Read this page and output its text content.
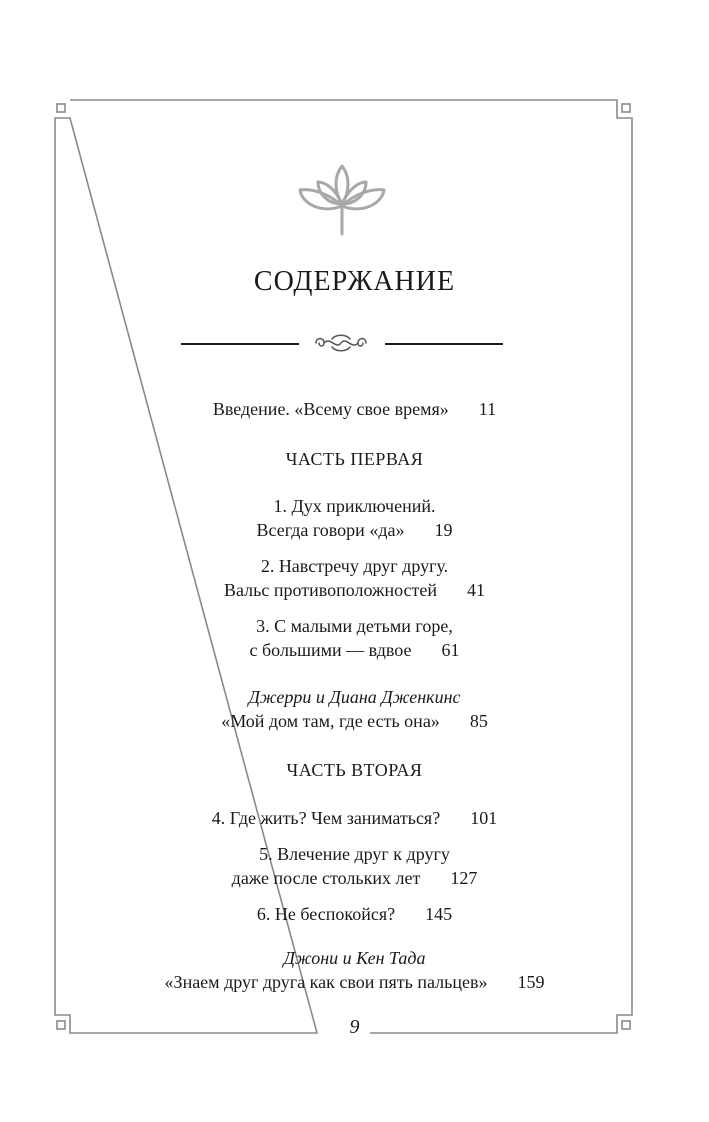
СОДЕРЖАНИЕ
Введение. «Всему свое время» 11
ЧАСТЬ ПЕРВАЯ
1. Дух приключений.
Всегда говори «да» 19
2. Навстречу друг другу.
Вальс противоположностей 41
3. С малыми детьми горе,
с большими — вдвое 61
Джерри и Диана Дженкинс
«Мой дом там, где есть она» 85
ЧАСТЬ ВТОРАЯ
4. Где жить? Чем заниматься? 101
5. Влечение друг к другу
даже после стольких лет 127
6. Не беспокойся? 145
Джони и Кен Тада
«Знаем друг друга как свои пять пальцев» 159
9
